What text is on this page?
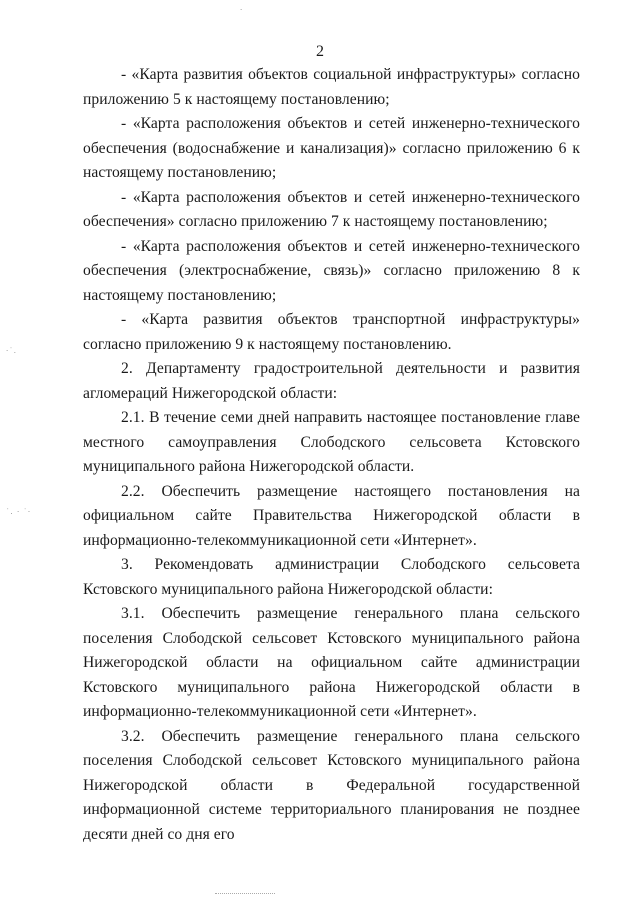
2

- «Карта развития объектов социальной инфраструктуры» согласно приложению 5 к настоящему постановлению;

- «Карта расположения объектов и сетей инженерно-технического обеспечения (водоснабжение и канализация)» согласно приложению 6 к настоящему постановлению;

- «Карта расположения объектов и сетей инженерно-технического обеспечения» согласно приложению 7 к настоящему постановлению;

- «Карта расположения объектов и сетей инженерно-технического обеспечения (электроснабжение, связь)» согласно приложению 8 к настоящему постановлению;

- «Карта развития объектов транспортной инфраструктуры» согласно приложению 9 к настоящему постановлению.

2. Департаменту градостроительной деятельности и развития агломераций Нижегородской области:

2.1. В течение семи дней направить настоящее постановление главе местного самоуправления Слободского сельсовета Кстовского муниципального района Нижегородской области.

2.2. Обеспечить размещение настоящего постановления на официальном сайте Правительства Нижегородской области в информационно-телекоммуникационной сети «Интернет».

3. Рекомендовать администрации Слободского сельсовета Кстовского муниципального района Нижегородской области:

3.1. Обеспечить размещение генерального плана сельского поселения Слободской сельсовет Кстовского муниципального района Нижегородской области на официальном сайте администрации Кстовского муниципального района Нижегородской области в информационно-телекоммуникационной сети «Интернет».

3.2. Обеспечить размещение генерального плана сельского поселения Слободской сельсовет Кстовского муниципального района Нижегородской области в Федеральной государственной информационной системе территориального планирования не позднее десяти дней со дня его

·˙.
˙. · ˙·
·
